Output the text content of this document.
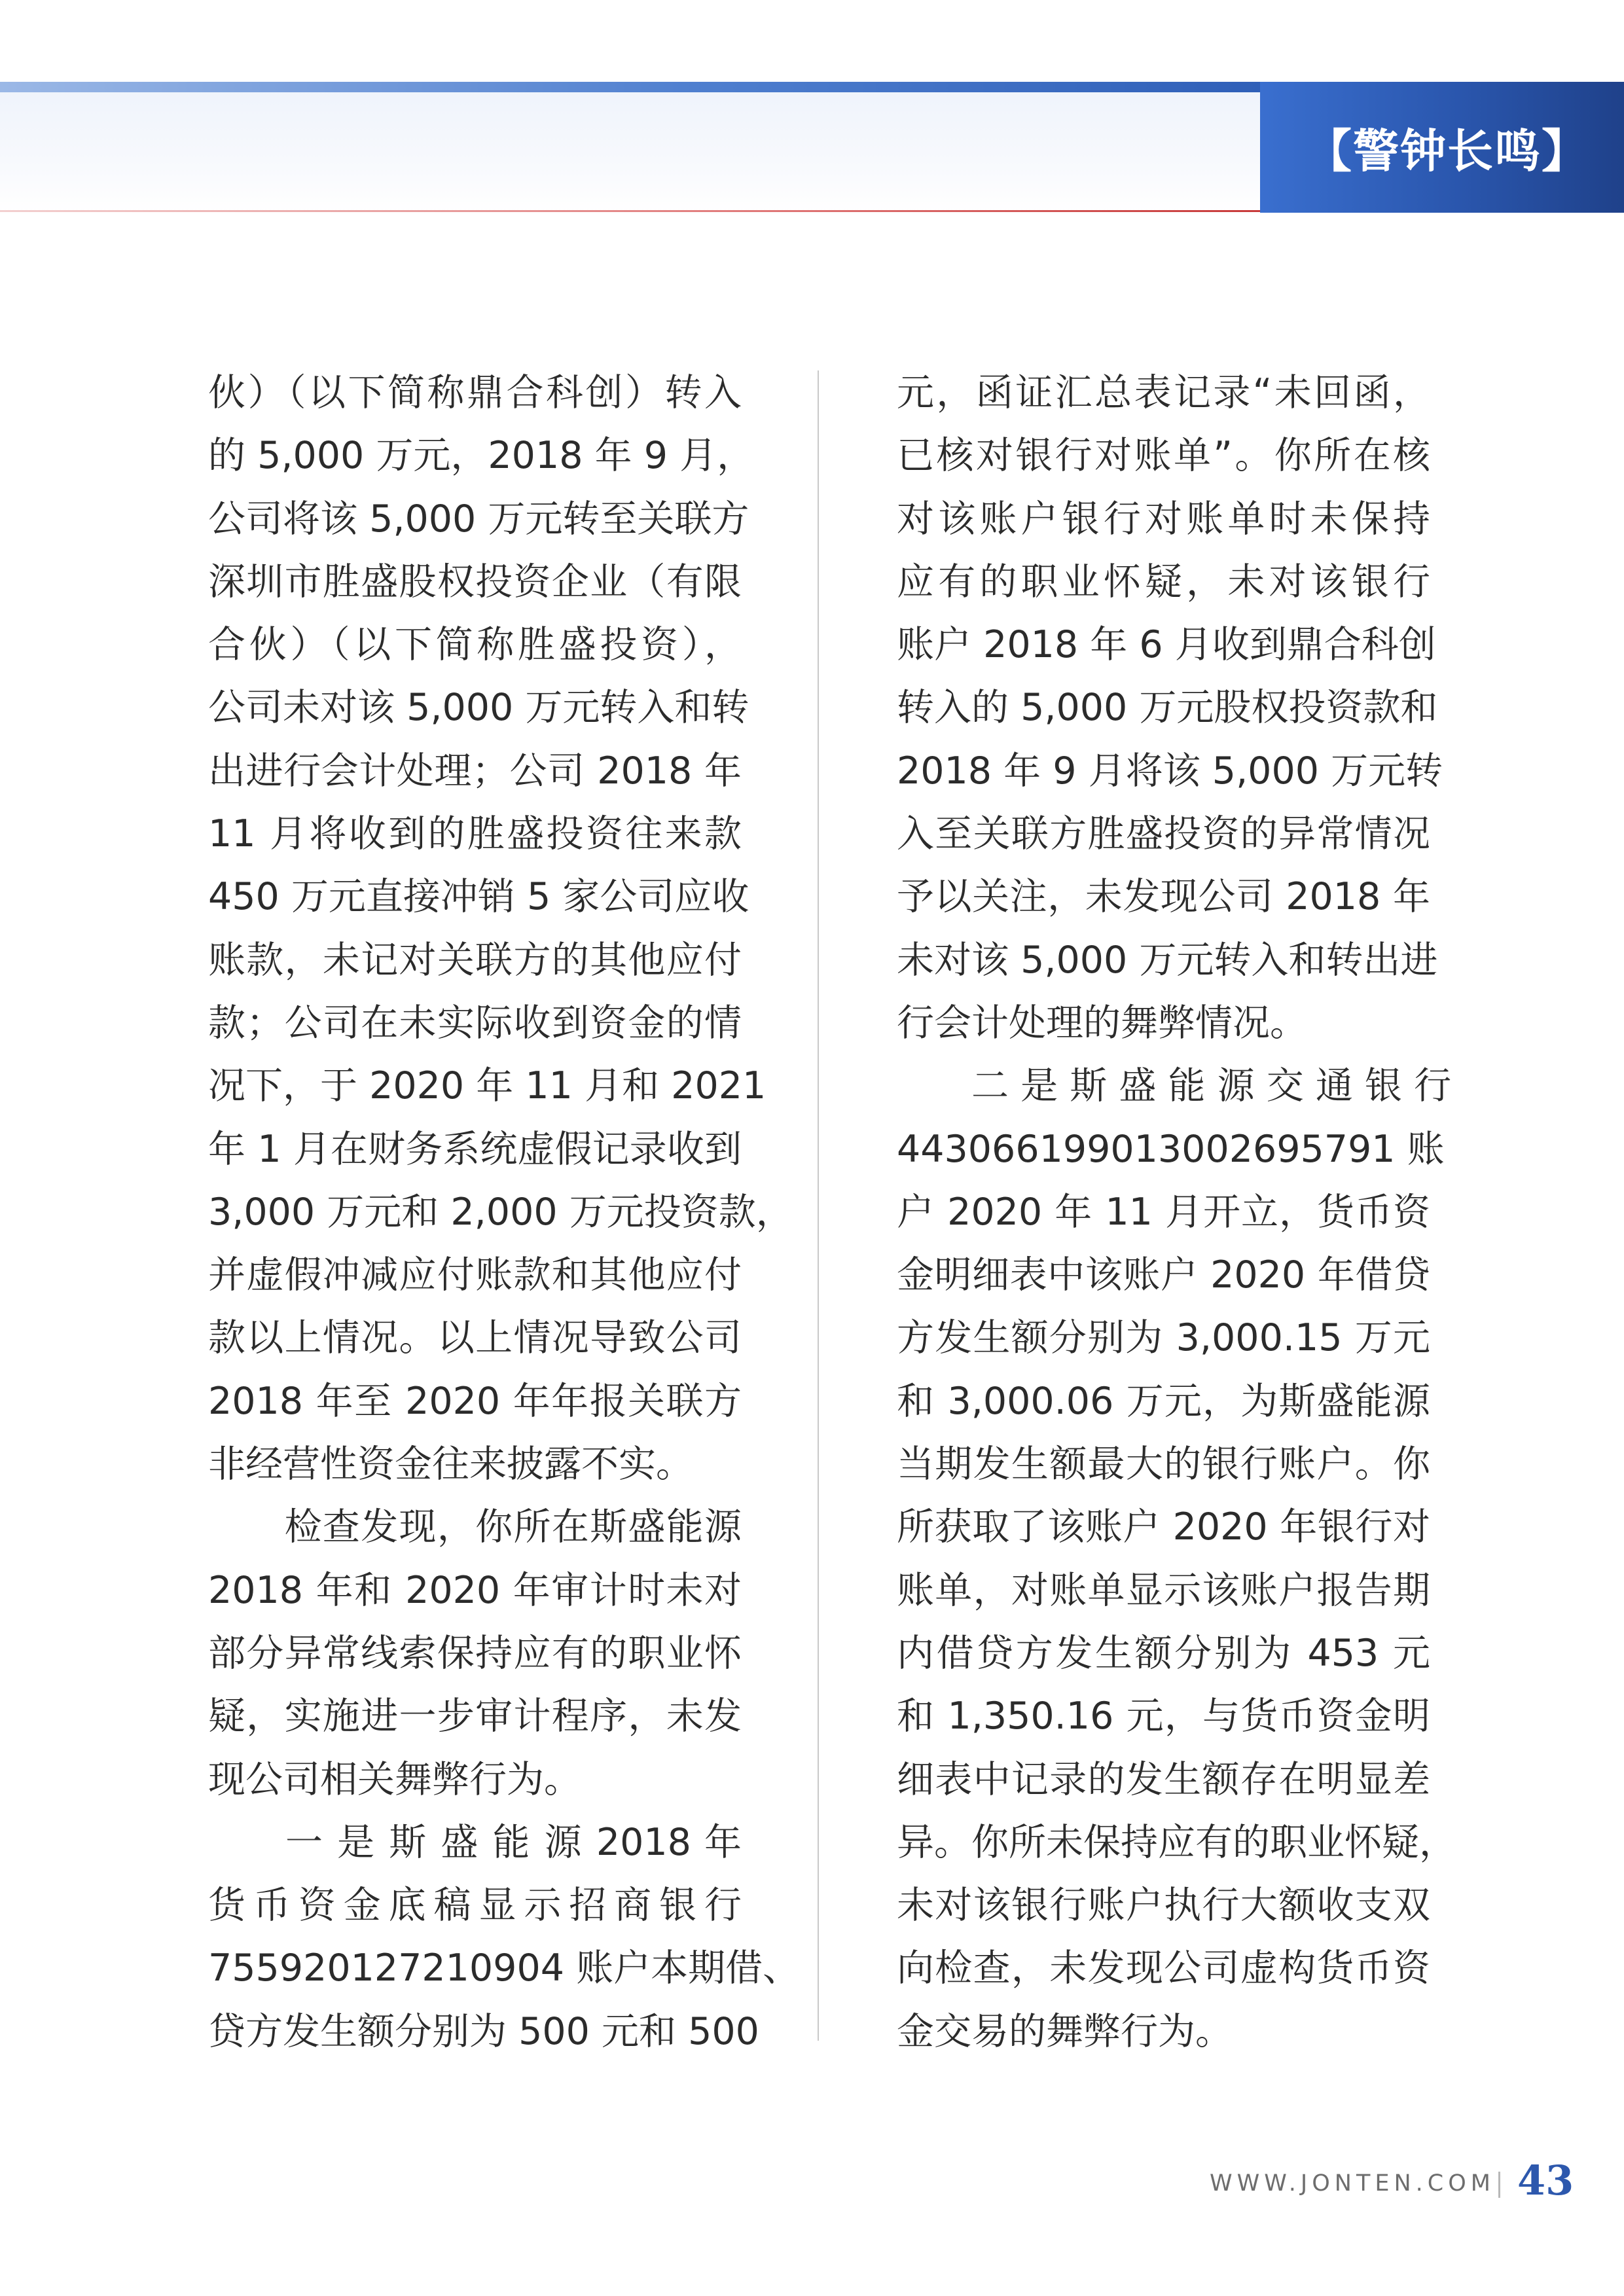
【警钟长鸣】
伙）（以下简称鼎合科创）转入
的 5,000 万元，2018 年 9 月，
公司将该 5,000 万元转至关联方
深圳市胜盛股权投资企业（有限
合伙）（以下简称胜盛投资），
公司未对该 5,000 万元转入和转
出进行会计处理；公司 2018 年
11 月将收到的胜盛投资往来款
450 万元直接冲销 5 家公司应收
账款，未记对关联方的其他应付
款；公司在未实际收到资金的情
况下，于 2020 年 11 月和 2021
年 1 月在财务系统虚假记录收到
3,000 万元和 2,000 万元投资款，
并虚假冲减应付账款和其他应付
款以上情况。以上情况导致公司
2018 年至 2020 年年报关联方
非经营性资金往来披露不实。
　　检查发现，你所在斯盛能源
2018 年和 2020 年审计时未对
部分异常线索保持应有的职业怀
疑，实施进一步审计程序，未发
现公司相关舞弊行为。
　　一 是 斯 盛 能 源 2018 年
货币资金底稿显示招商银行
755920127210904 账户本期借、
贷方发生额分别为 500 元和 500
元，函证汇总表记录“未回函，
已核对银行对账单”。你所在核
对该账户银行对账单时未保持
应有的职业怀疑，未对该银行
账户 2018 年 6 月收到鼎合科创
转入的 5,000 万元股权投资款和
2018 年 9 月将该 5,000 万元转
入至关联方胜盛投资的异常情况
予以关注，未发现公司 2018 年
未对该 5,000 万元转入和转出进
行会计处理的舞弊情况。
　　二 是 斯 盛 能 源 交 通 银 行
443066199013002695791 账
户 2020 年 11 月开立，货币资
金明细表中该账户 2020 年借贷
方发生额分别为 3,000.15 万元
和 3,000.06 万元，为斯盛能源
当期发生额最大的银行账户。你
所获取了该账户 2020 年银行对
账单，对账单显示该账户报告期
内借贷方发生额分别为 453 元
和 1,350.16 元，与货币资金明
细表中记录的发生额存在明显差
异。你所未保持应有的职业怀疑，
未对该银行账户执行大额收支双
向检查，未发现公司虚构货币资
金交易的舞弊行为。
WWW.JONTEN.COM 43
